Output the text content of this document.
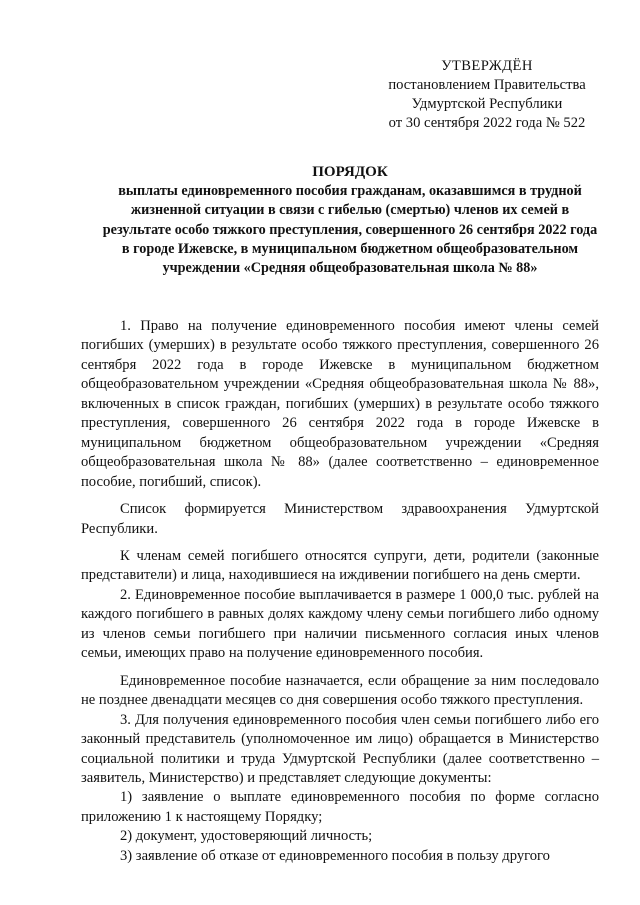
УТВЕРЖДЁН
постановлением Правительства
Удмуртской Республики
от 30 сентября 2022 года № 522
ПОРЯДОК
выплаты единовременного пособия гражданам, оказавшимся в трудной жизненной ситуации в связи с гибелью (смертью) членов их семей в результате особо тяжкого преступления, совершенного 26 сентября 2022 года в городе Ижевске, в муниципальном бюджетном общеобразовательном учреждении «Средняя общеобразовательная школа № 88»

1. Право на получение единовременного пособия имеют члены семей погибших (умерших) в результате особо тяжкого преступления, совершенного 26 сентября 2022 года в городе Ижевске в муниципальном бюджетном общеобразовательном учреждении «Средняя общеобразовательная школа № 88», включенных в список граждан, погибших (умерших) в результате особо тяжкого преступления, совершенного 26 сентября 2022 года в городе Ижевске в муниципальном бюджетном общеобразовательном учреждении «Средняя общеобразовательная школа № 88» (далее соответственно – единовременное пособие, погибший, список).

Список формируется Министерством здравоохранения Удмуртской Республики.

К членам семей погибшего относятся супруги, дети, родители (законные представители) и лица, находившиеся на иждивении погибшего на день смерти.

2. Единовременное пособие выплачивается в размере 1 000,0 тыс. рублей на каждого погибшего в равных долях каждому члену семьи погибшего либо одному из членов семьи погибшего при наличии письменного согласия иных членов семьи, имеющих право на получение единовременного пособия.

Единовременное пособие назначается, если обращение за ним последовало не позднее двенадцати месяцев со дня совершения особо тяжкого преступления.

3. Для получения единовременного пособия член семьи погибшего либо его законный представитель (уполномоченное им лицо) обращается в Министерство социальной политики и труда Удмуртской Республики (далее соответственно – заявитель, Министерство) и представляет следующие документы:

1) заявление о выплате единовременного пособия по форме согласно приложению 1 к настоящему Порядку;

2) документ, удостоверяющий личность;

3) заявление об отказе от единовременного пособия в пользу другого
